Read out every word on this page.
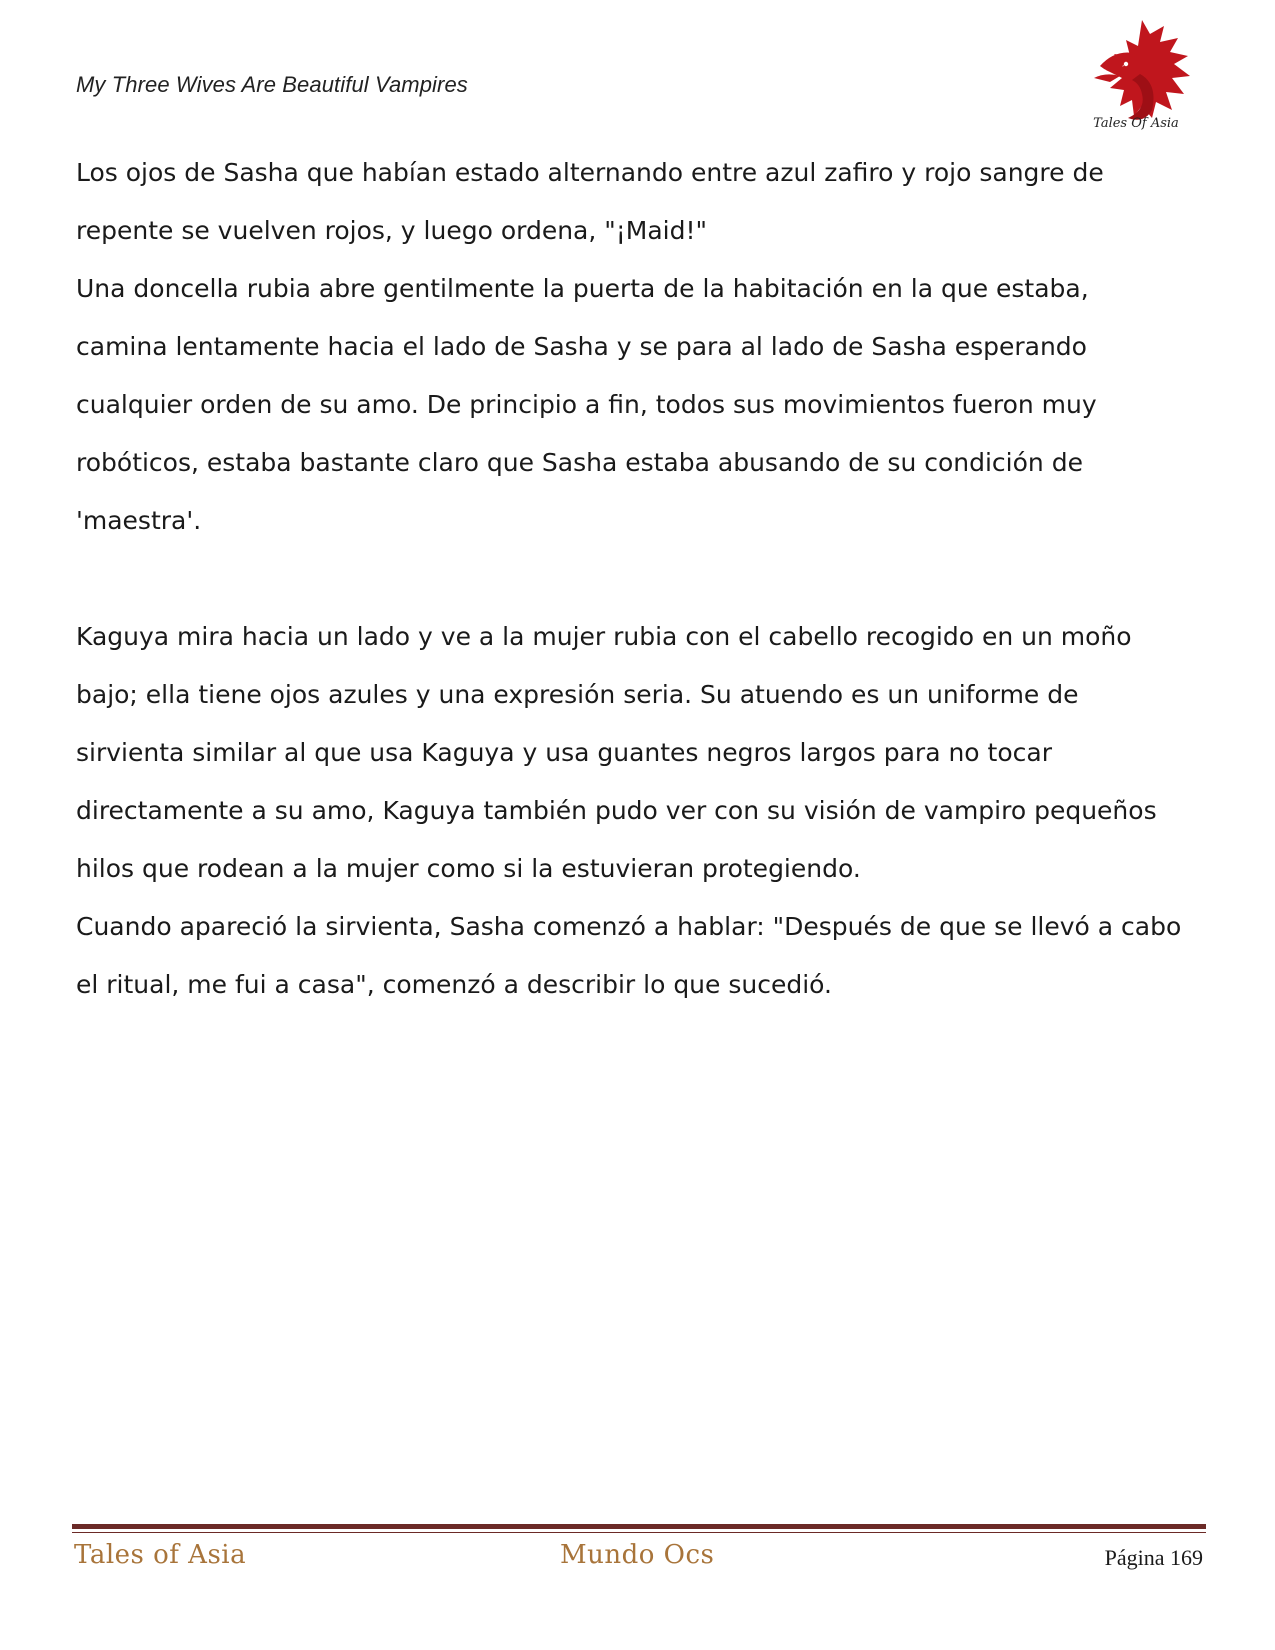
My Three Wives Are Beautiful Vampires
Tales Of Asia

Los ojos de Sasha que habían estado alternando entre azul zafiro y rojo sangre de
repente se vuelven rojos, y luego ordena, "¡Maid!"

Una doncella rubia abre gentilmente la puerta de la habitación en la que estaba,
camina lentamente hacia el lado de Sasha y se para al lado de Sasha esperando
cualquier orden de su amo. De principio a fin, todos sus movimientos fueron muy
robóticos, estaba bastante claro que Sasha estaba abusando de su condición de
'maestra'.

Kaguya mira hacia un lado y ve a la mujer rubia con el cabello recogido en un moño
bajo; ella tiene ojos azules y una expresión seria. Su atuendo es un uniforme de
sirvienta similar al que usa Kaguya y usa guantes negros largos para no tocar
directamente a su amo, Kaguya también pudo ver con su visión de vampiro pequeños
hilos que rodean a la mujer como si la estuvieran protegiendo.

Cuando apareció la sirvienta, Sasha comenzó a hablar: "Después de que se llevó a cabo
el ritual, me fui a casa", comenzó a describir lo que sucedió.

Tales of Asia	Mundo Ocs	Página 169
